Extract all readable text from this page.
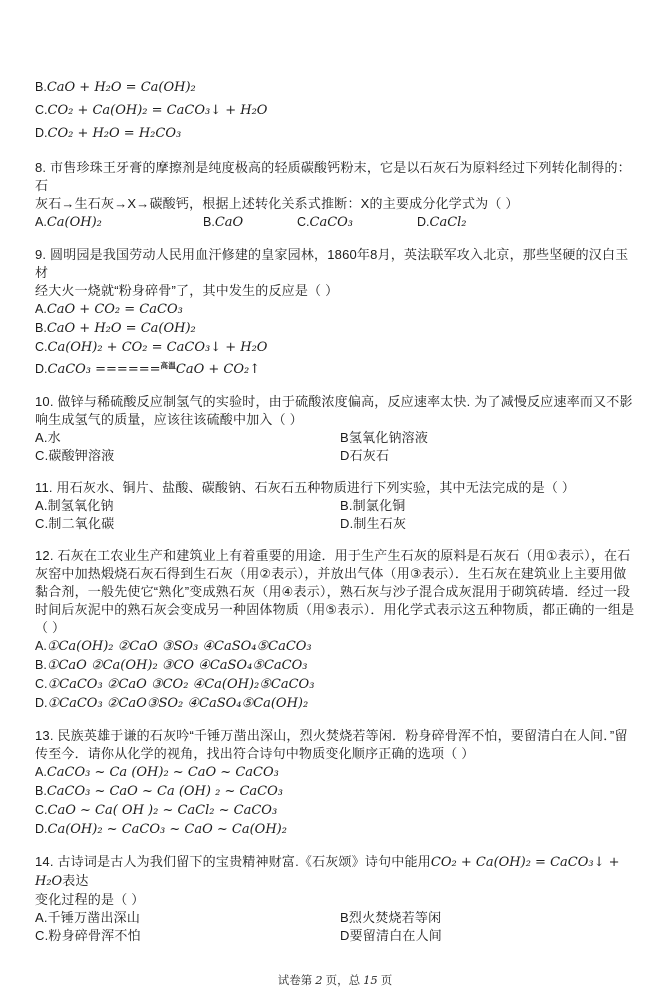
B.CaO + H₂O = Ca(OH)₂
C.CO₂ + Ca(OH)₂ = CaCO₃↓ + H₂O
D.CO₂ + H₂O = H₂CO₃
8. 市售珍珠王牙膏的摩擦剂是纯度极高的轻质碳酸钙粉末，它是以石灰石为原料经过下列转化制得的：石
灰石→生石灰→X→碳酸钙，根据上述转化关系式推断：X的主要成分化学式为（ ）
A.Ca(OH)₂	B.CaO	C.CaCO₃	D.CaCl₂
9. 圆明园是我国劳动人民用血汗修建的皇家园林，1860年8月，英法联军攻入北京，那些坚硬的汉白玉材
经大火一烧就“粉身碎骨”了，其中发生的反应是（ ）
A.CaO + CO₂ = CaCO₃
B.CaO + H₂O = Ca(OH)₂
C.Ca(OH)₂ + CO₂ = CaCO₃↓ + H₂O
D.CaCO₃ ======$^{高温}$CaO + CO₂↑
10. 做锌与稀硫酸反应制氢气的实验时，由于硫酸浓度偏高，反应速率太快. 为了减慢反应速率而又不影
响生成氢气的质量，应该往该硫酸中加入（ ）
A.水	B氢氧化钠溶液
C.碳酸钾溶液	D石灰石
11. 用石灰水、铜片、盐酸、碳酸钠、石灰石五种物质进行下列实验，其中无法完成的是（ ）
A.制氢氧化钠	B.制氯化铜
C.制二氧化碳	D.制生石灰
12. 石灰在工农业生产和建筑业上有着重要的用途．用于生产生石灰的原料是石灰石（用①表示），在石
灰窑中加热煅烧石灰石得到生石灰（用②表示），并放出气体（用③表示）．生石灰在建筑业上主要用做
黏合剂，一般先使它“熟化”变成熟石灰（用④表示），熟石灰与沙子混合成灰混用于砌筑砖墙．经过一段
时间后灰泥中的熟石灰会变成另一种固体物质（用⑤表示）．用化学式表示这五种物质，都正确的一组是
（ ）
A.①Ca(OH)₂ ②CaO ③SO₃ ④CaSO₄⑤CaCO₃
B.①CaO ②Ca(OH)₂ ③CO ④CaSO₄⑤CaCO₃
C.①CaCO₃ ②CaO ③CO₂ ④Ca(OH)₂⑤CaCO₃
D.①CaCO₃ ②CaO③SO₂ ④CaSO₄⑤Ca(OH)₂
13. 民族英雄于谦的石灰吟“千锤万凿出深山，烈火焚烧若等闲．粉身碎骨浑不怕，要留清白在人间．”留
传至今．请你从化学的视角，找出符合诗句中物质变化顺序正确的选项（ ）
A.CaCO₃ ~ Ca (OH)₂ ~ CaO ~ CaCO₃
B.CaCO₃ ~ CaO ~ Ca (OH) ₂ ~ CaCO₃
C.CaO ~ Ca( OH )₂ ~ CaCl₂ ~ CaCO₃
D.Ca(OH)₂ ~ CaCO₃ ~ CaO ~ Ca(OH)₂
14. 古诗词是古人为我们留下的宝贵精神财富.《石灰颂》诗句中能用CO₂ + Ca(OH)₂ = CaCO₃↓ + H₂O表达
变化过程的是（ ）
A.千锤万凿出深山	B烈火焚烧若等闲
C.粉身碎骨浑不怕	D要留清白在人间
试卷第 2 页，总 15 页
